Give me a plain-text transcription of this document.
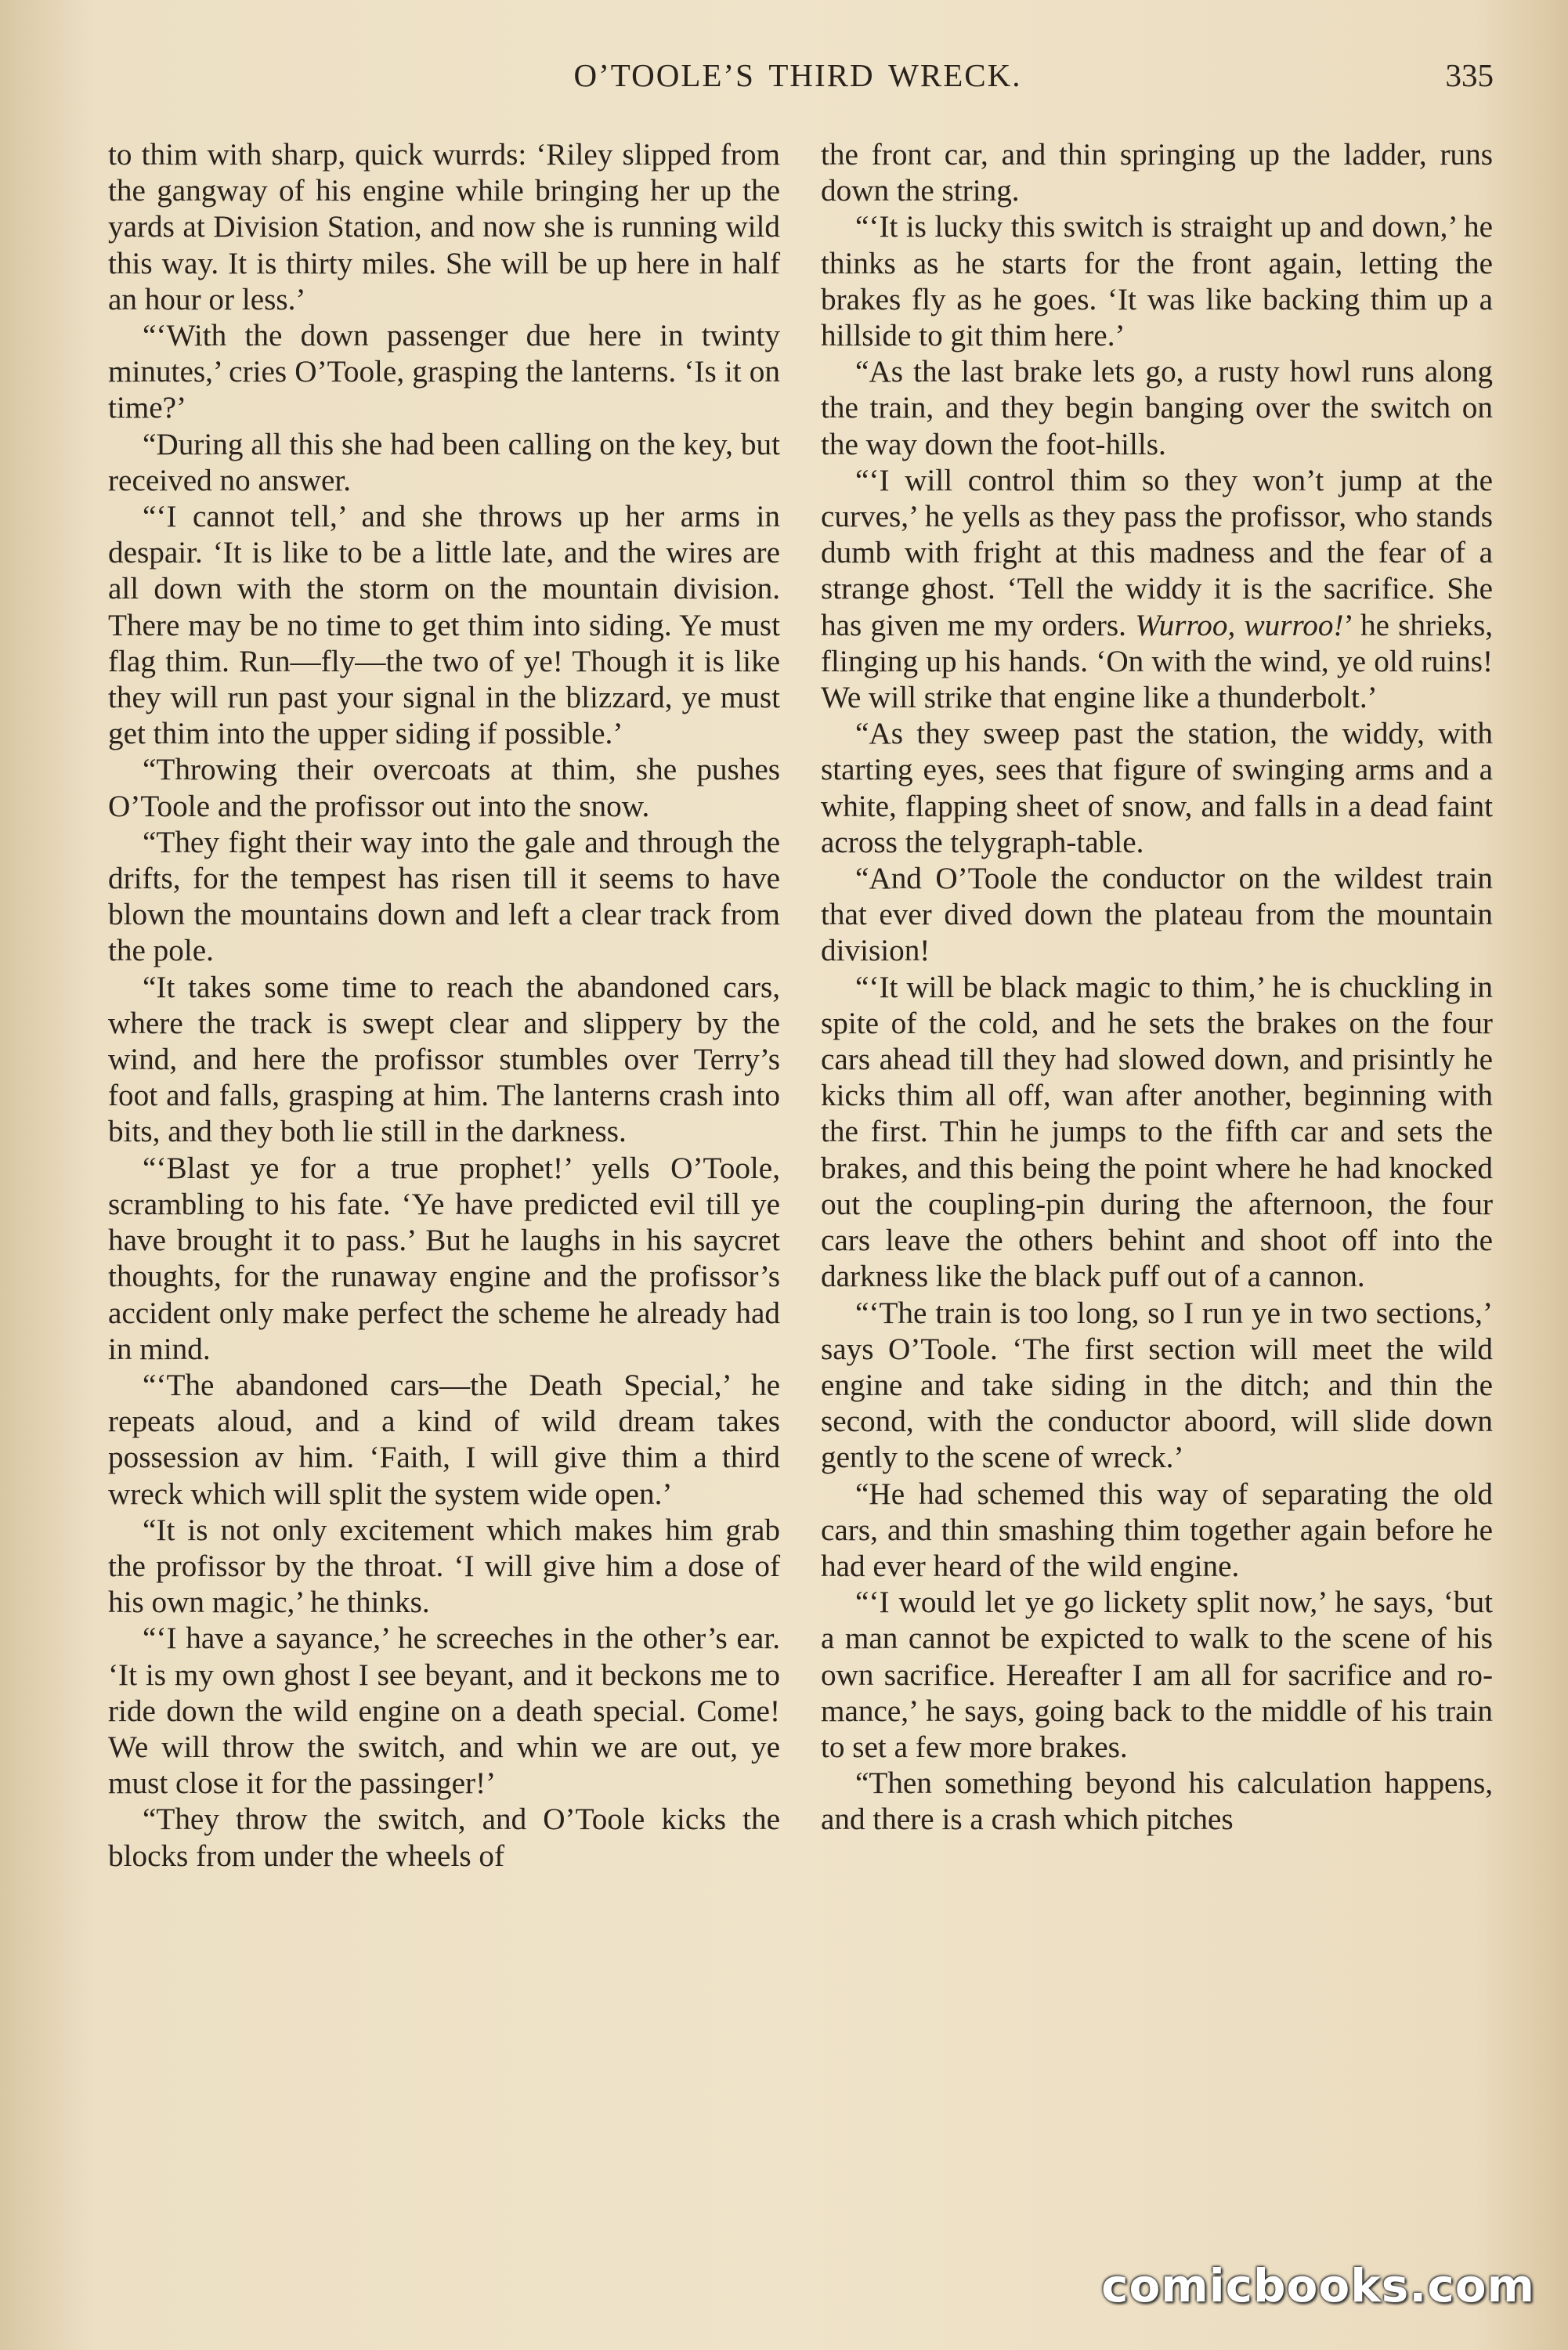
O’TOOLE’S THIRD WRECK.	335

to thim with sharp, quick wurrds: ‘Riley slipped from the gangway of his engine while bringing her up the yards at Division Station, and now she is running wild this way. It is thirty miles. She will be up here in half an hour or less.’

“‘With the down passenger due here in twinty minutes,’ cries O’Toole, grasping the lanterns. ‘Is it on time?’

“During all this she had been calling on the key, but received no answer.

“‘I cannot tell,’ and she throws up her arms in despair. ‘It is like to be a little late, and the wires are all down with the storm on the mountain division. There may be no time to get thim into siding. Ye must flag thim. Run—fly—the two of ye! Though it is like they will run past your signal in the blizzard, ye must get thim into the upper siding if possible.’

“Throwing their overcoats at thim, she pushes O’Toole and the profissor out into the snow.

“They fight their way into the gale and through the drifts, for the tempest has risen till it seems to have blown the mountains down and left a clear track from the pole.

“It takes some time to reach the abandoned cars, where the track is swept clear and slippery by the wind, and here the profissor stumbles over Terry’s foot and falls, grasping at him. The lanterns crash into bits, and they both lie still in the darkness.

“‘Blast ye for a true prophet!’ yells O’Toole, scrambling to his fate. ‘Ye have predicted evil till ye have brought it to pass.’ But he laughs in his saycret thoughts, for the runaway engine and the profissor’s accident only make perfect the scheme he already had in mind.

“‘The abandoned cars—the Death Special,’ he repeats aloud, and a kind of wild dream takes possession av him. ‘Faith, I will give thim a third wreck which will split the system wide open.’

“It is not only excitement which makes him grab the profissor by the throat. ‘I will give him a dose of his own magic,’ he thinks.

“‘I have a sayance,’ he screeches in the other’s ear. ‘It is my own ghost I see beyant, and it beckons me to ride down the wild engine on a death special. Come! We will throw the switch, and whin we are out, ye must close it for the passinger!’

“They throw the switch, and O’Toole kicks the blocks from under the wheels of

the front car, and thin springing up the ladder, runs down the string.

“‘It is lucky this switch is straight up and down,’ he thinks as he starts for the front again, letting the brakes fly as he goes. ‘It was like backing thim up a hillside to git thim here.’

“As the last brake lets go, a rusty howl runs along the train, and they begin banging over the switch on the way down the foot-hills.

“‘I will control thim so they won’t jump at the curves,’ he yells as they pass the profissor, who stands dumb with fright at this madness and the fear of a strange ghost. ‘Tell the widdy it is the sacrifice. She has given me my orders. Wurroo, wurroo!’ he shrieks, flinging up his hands. ‘On with the wind, ye old ruins! We will strike that engine like a thunderbolt.’

“As they sweep past the station, the widdy, with starting eyes, sees that figure of swinging arms and a white, flapping sheet of snow, and falls in a dead faint across the telygraph-table.

“And O’Toole the conductor on the wildest train that ever dived down the plateau from the mountain division!

“‘It will be black magic to thim,’ he is chuckling in spite of the cold, and he sets the brakes on the four cars ahead till they had slowed down, and prisintly he kicks thim all off, wan after another, beginning with the first. Thin he jumps to the fifth car and sets the brakes, and this being the point where he had knocked out the coupling-pin during the afternoon, the four cars leave the others behint and shoot off into the darkness like the black puff out of a cannon.

“‘The train is too long, so I run ye in two sections,’ says O’Toole. ‘The first section will meet the wild engine and take siding in the ditch; and thin the second, with the conductor aboord, will slide down gently to the scene of wreck.’

“He had schemed this way of separating the old cars, and thin smashing thim together again before he had ever heard of the wild engine.

“‘I would let ye go lickety split now,’ he says, ‘but a man cannot be expicted to walk to the scene of his own sacrifice. Hereafter I am all for sacrifice and romance,’ he says, going back to the middle of his train to set a few more brakes.

“Then something beyond his calculation happens, and there is a crash which pitches

comicbooks.com
